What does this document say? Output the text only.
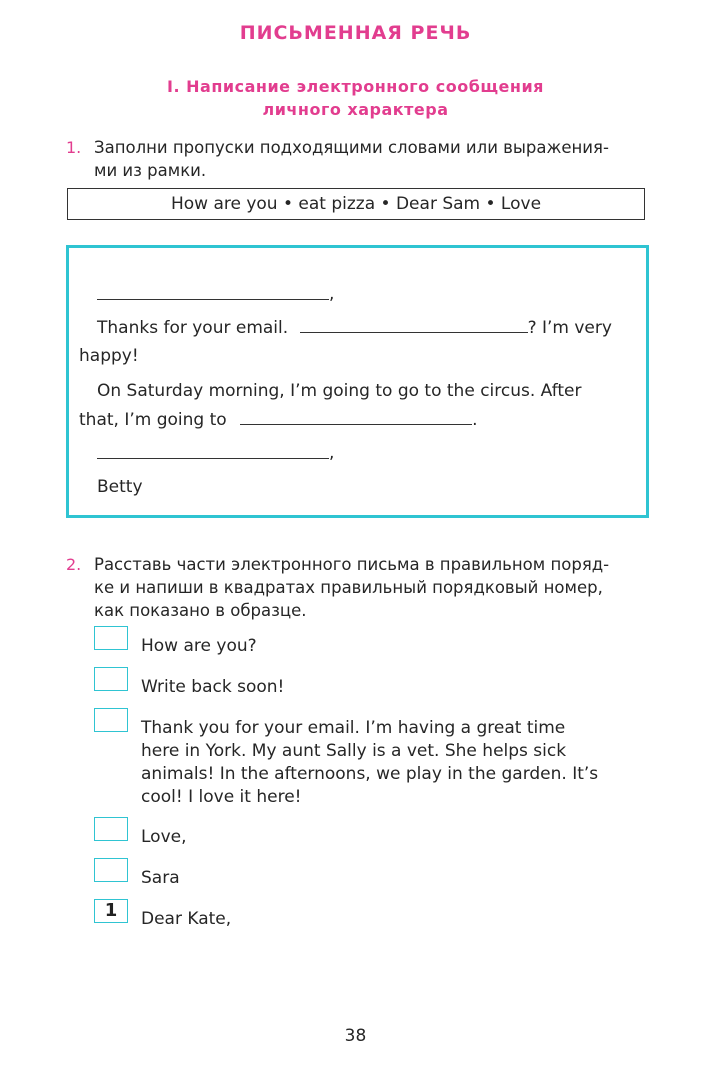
ПИСЬМЕННАЯ РЕЧЬ
I. Написание электронного сообщения
личного характера
1. Заполни пропуски подходящими словами или выражения-
ми из рамки.
How are you • eat pizza • Dear Sam • Love
,
Thanks for your email.	? I’m very
happy!
On Saturday morning, I’m going to go to the circus. After
that, I’m going to	.
,
Betty
2. Расставь части электронного письма в правильном поряд-
ке и напиши в квадратах правильный порядковый номер,
как показано в образце.
How are you?
Write back soon!
Thank you for your email. I’m having a great time
here in York. My aunt Sally is a vet. She helps sick
animals! In the afternoons, we play in the garden. It’s
cool! I love it here!
Love,
Sara
1	Dear Kate,
38
